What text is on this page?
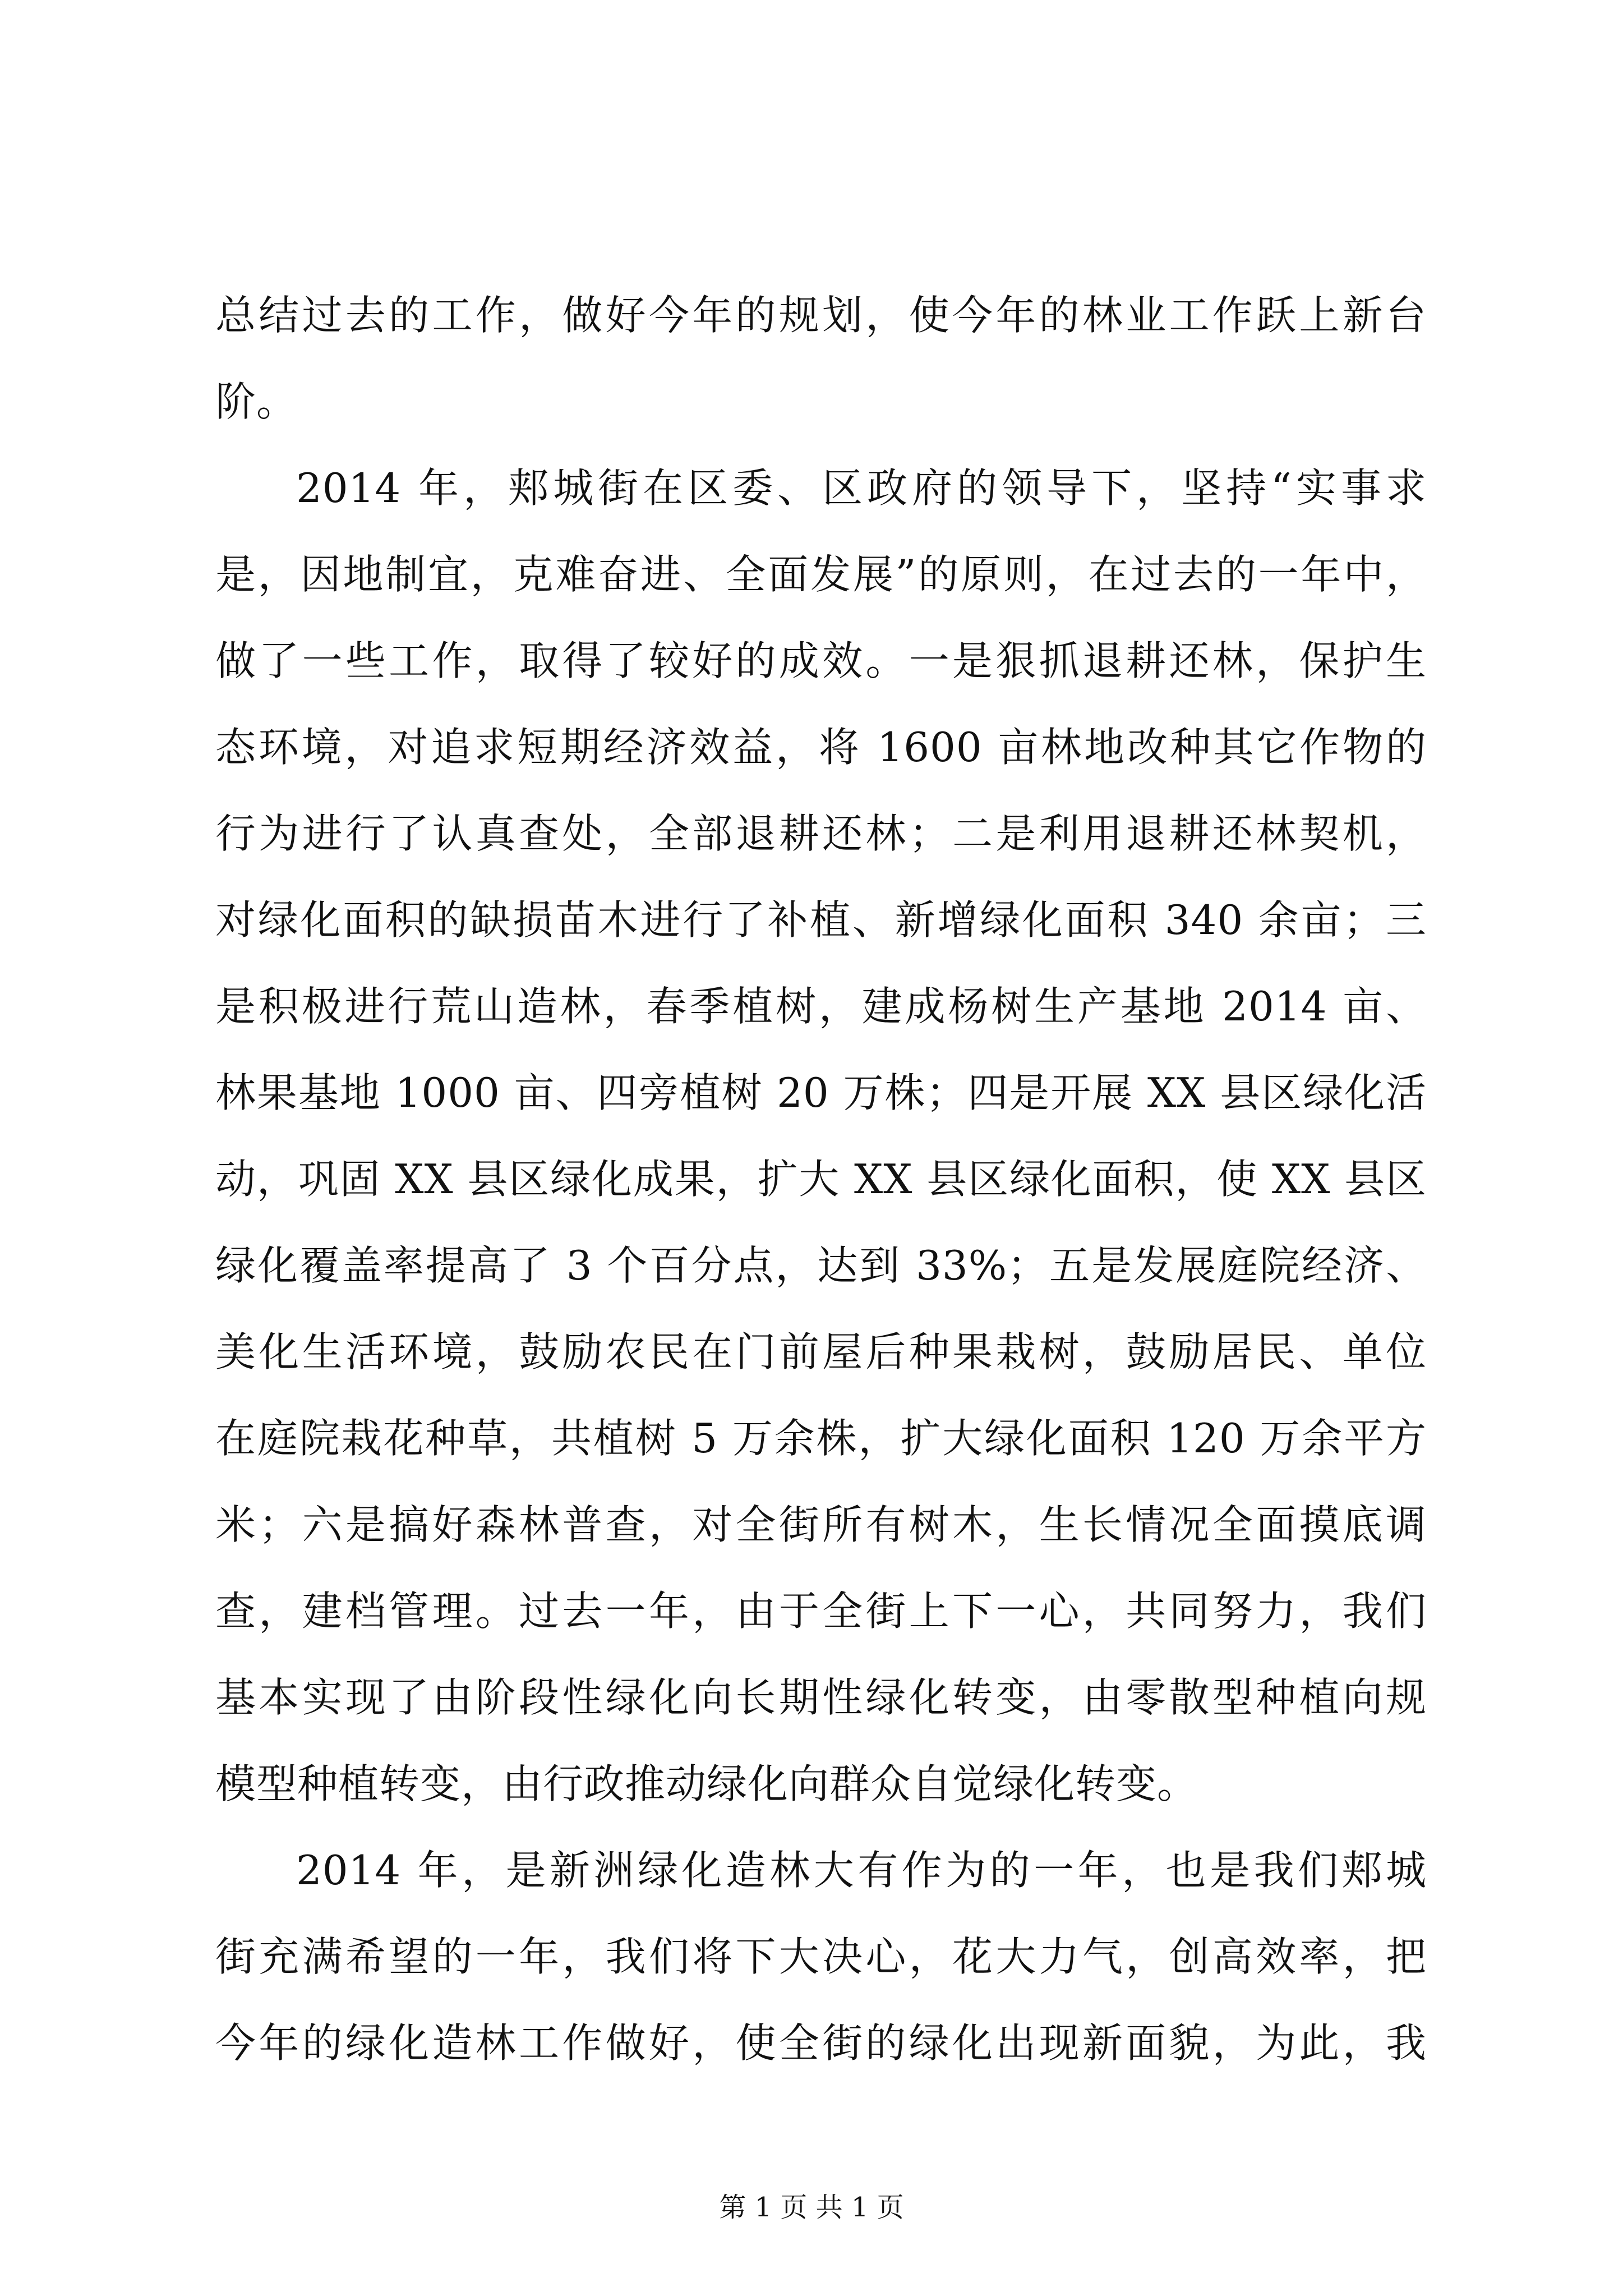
总结过去的工作，做好今年的规划，使今年的林业工作跃上新台
阶。
2014 年，郏城街在区委、区政府的领导下，坚持“实事求
是，因地制宜，克难奋进、全面发展”的原则，在过去的一年中，
做了一些工作，取得了较好的成效。一是狠抓退耕还林，保护生
态环境，对追求短期经济效益，将 1600 亩林地改种其它作物的
行为进行了认真查处，全部退耕还林；二是利用退耕还林契机，
对绿化面积的缺损苗木进行了补植、新增绿化面积 340 余亩；三
是积极进行荒山造林，春季植树，建成杨树生产基地 2014 亩、
林果基地 1000 亩、四旁植树 20 万株；四是开展 XX 县区绿化活
动，巩固 XX 县区绿化成果，扩大 XX 县区绿化面积，使 XX 县区
绿化覆盖率提高了 3 个百分点，达到 33%；五是发展庭院经济、
美化生活环境，鼓励农民在门前屋后种果栽树，鼓励居民、单位
在庭院栽花种草，共植树 5 万余株，扩大绿化面积 120 万余平方
米；六是搞好森林普查，对全街所有树木，生长情况全面摸底调
查，建档管理。过去一年，由于全街上下一心，共同努力，我们
基本实现了由阶段性绿化向长期性绿化转变，由零散型种植向规
模型种植转变，由行政推动绿化向群众自觉绿化转变。
2014 年，是新洲绿化造林大有作为的一年，也是我们郏城
街充满希望的一年，我们将下大决心，花大力气，创高效率，把
今年的绿化造林工作做好，使全街的绿化出现新面貌，为此，我
第 1 页 共 1 页
